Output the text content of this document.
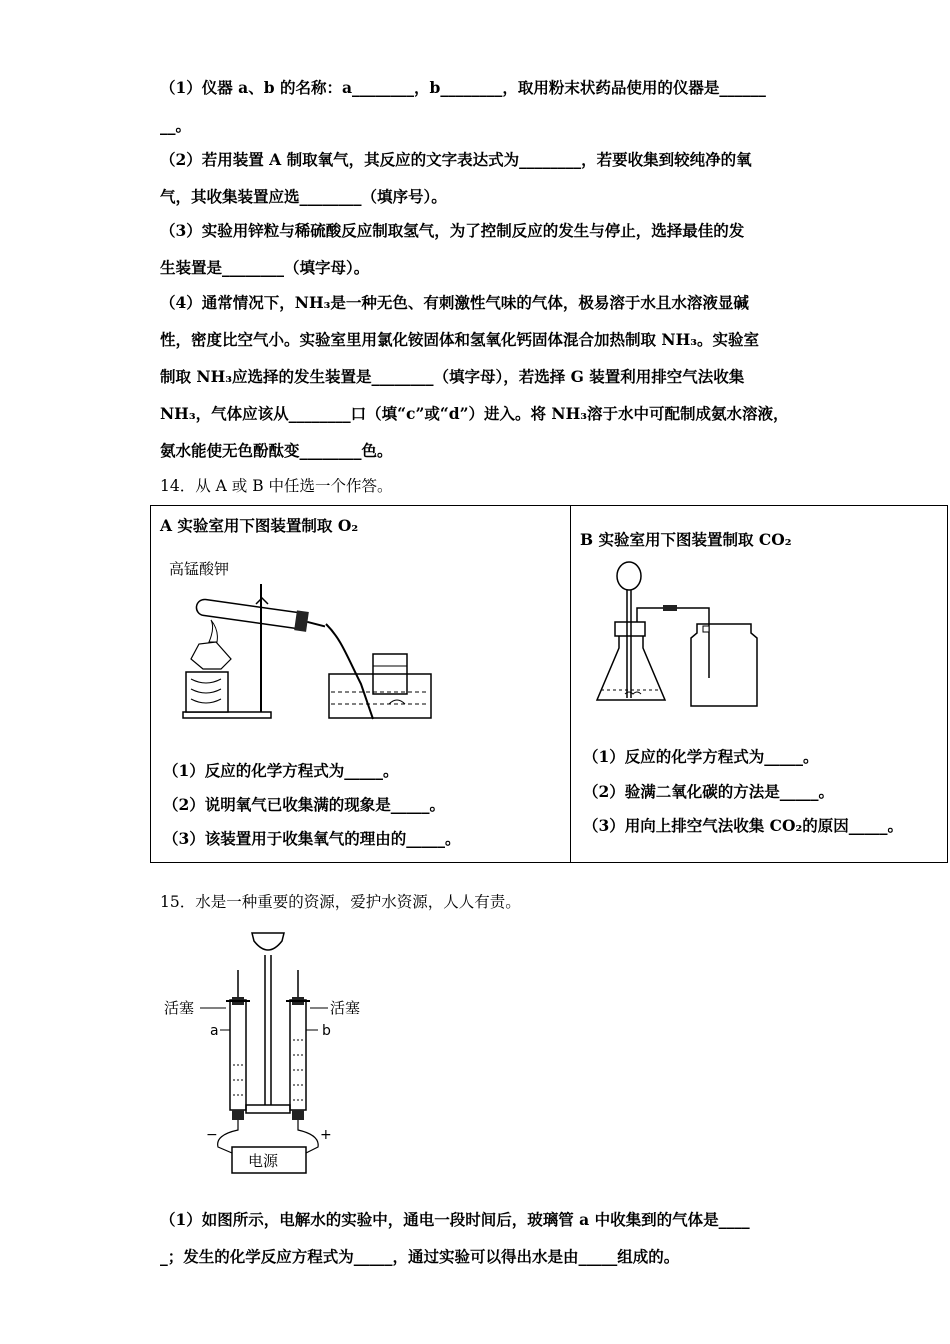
（1）仪器 a、b 的名称：a________，b________，取用粉末状药品使用的仪器是______
__。
（2）若用装置 A 制取氧气，其反应的文字表达式为________，若要收集到较纯净的氧
气，其收集装置应选________（填序号）。
（3）实验用锌粒与稀硫酸反应制取氢气，为了控制反应的发生与停止，选择最佳的发
生装置是________（填字母）。
（4）通常情况下，NH₃是一种无色、有刺激性气味的气体，极易溶于水且水溶液显碱
性，密度比空气小。实验室里用氯化铵固体和氢氧化钙固体混合加热制取 NH₃。实验室
制取 NH₃应选择的发生装置是________（填字母），若选择 G 装置利用排空气法收集
NH₃，气体应该从________口（填“c”或“d”）进入。将 NH₃溶于水中可配制成氨水溶液，
氨水能使无色酚酞变________色。
14．从 A 或 B 中任选一个作答。
A 实验室用下图装置制取 O₂
高锰酸钾
（1）反应的化学方程式为_____。
（2）说明氧气已收集满的现象是_____。
（3）该装置用于收集氧气的理由的_____。
B 实验室用下图装置制取 CO₂
（1）反应的化学方程式为_____。
（2）验满二氧化碳的方法是_____。
（3）用向上排空气法收集 CO₂的原因_____。
15．水是一种重要的资源，爱护水资源，人人有责。
活塞	活塞
a	b
−	+
电源
（1）如图所示，电解水的实验中，通电一段时间后，玻璃管 a 中收集到的气体是____
_；发生的化学反应方程式为_____，通过实验可以得出水是由_____组成的。
